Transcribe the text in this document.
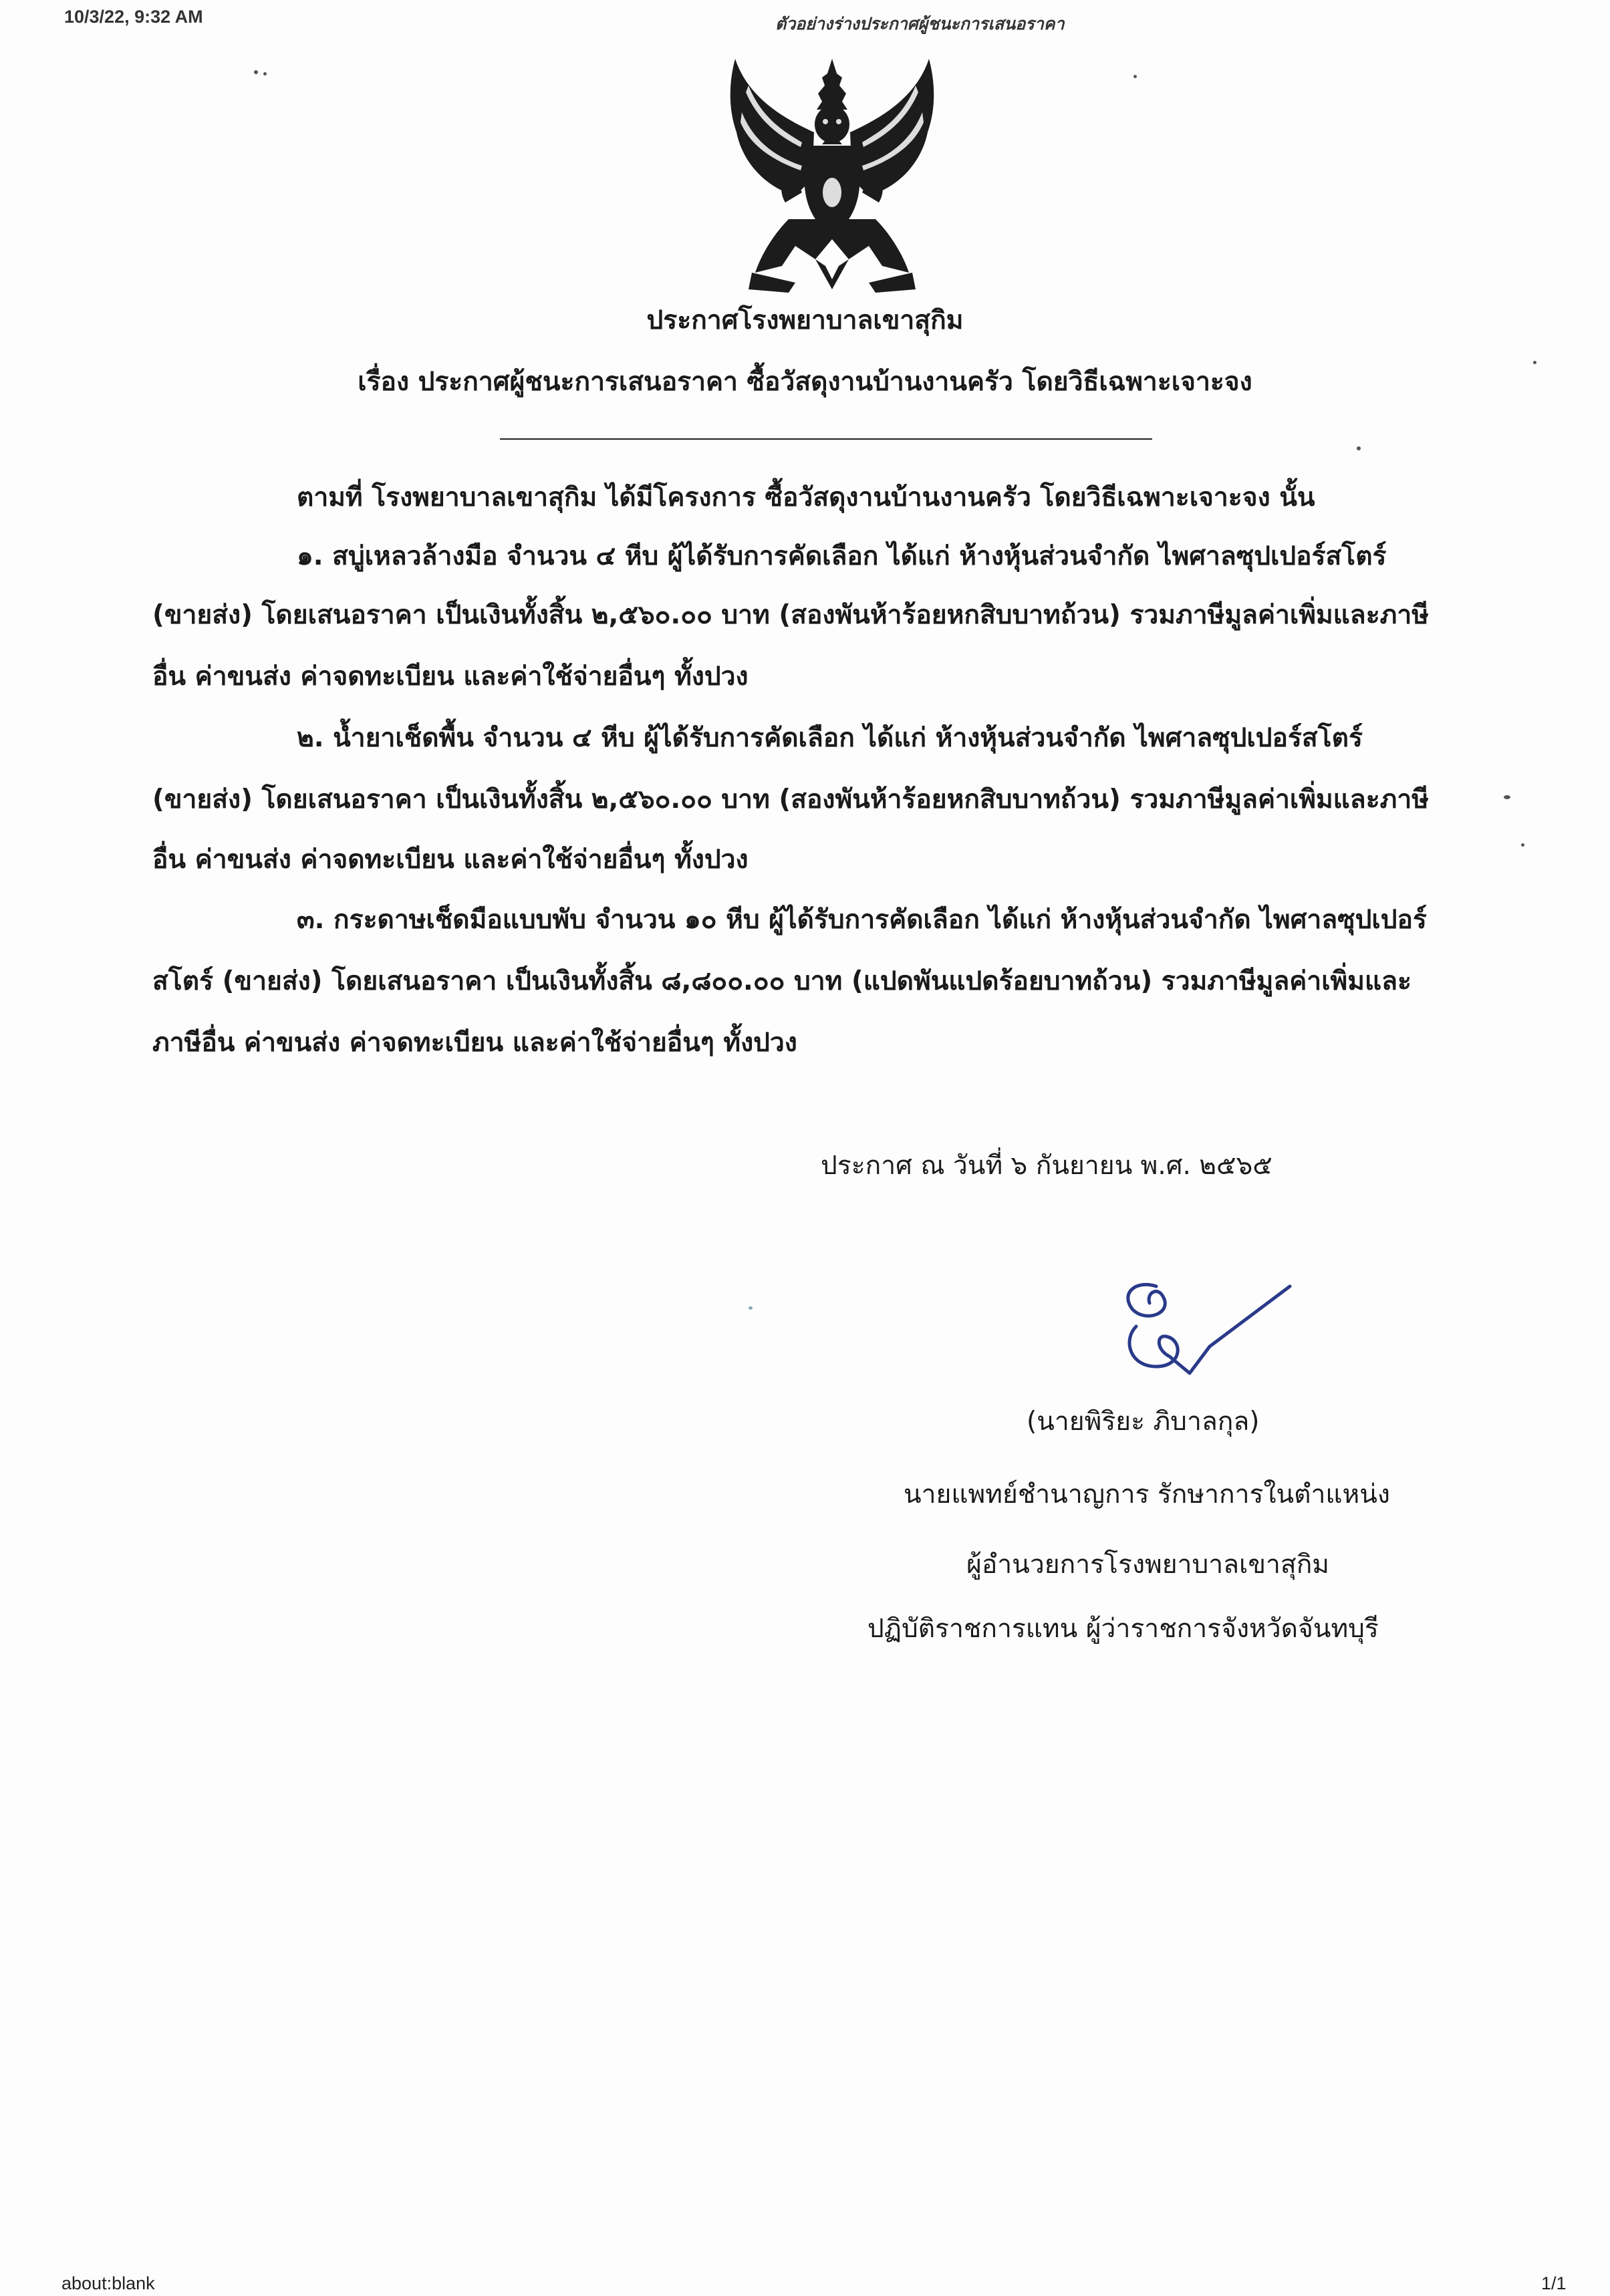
10/3/22, 9:32 AM	ตัวอย่างร่างประกาศผู้ชนะการเสนอราคา
ประกาศโรงพยาบาลเขาสุกิม
เรื่อง ประกาศผู้ชนะการเสนอราคา ซื้อวัสดุงานบ้านงานครัว โดยวิธีเฉพาะเจาะจง
ตามที่ โรงพยาบาลเขาสุกิม ได้มีโครงการ ซื้อวัสดุงานบ้านงานครัว โดยวิธีเฉพาะเจาะจง นั้น
๑. สบู่เหลวล้างมือ จำนวน ๔ หีบ ผู้ได้รับการคัดเลือก ได้แก่ ห้างหุ้นส่วนจำกัด ไพศาลซุปเปอร์สโตร์
(ขายส่ง) โดยเสนอราคา เป็นเงินทั้งสิ้น ๒,๕๖๐.๐๐ บาท (สองพันห้าร้อยหกสิบบาทถ้วน) รวมภาษีมูลค่าเพิ่มและภาษี
อื่น ค่าขนส่ง ค่าจดทะเบียน และค่าใช้จ่ายอื่นๆ ทั้งปวง
๒. น้ำยาเช็ดพื้น จำนวน ๔ หีบ ผู้ได้รับการคัดเลือก ได้แก่ ห้างหุ้นส่วนจำกัด ไพศาลซุปเปอร์สโตร์
(ขายส่ง) โดยเสนอราคา เป็นเงินทั้งสิ้น ๒,๕๖๐.๐๐ บาท (สองพันห้าร้อยหกสิบบาทถ้วน) รวมภาษีมูลค่าเพิ่มและภาษี
อื่น ค่าขนส่ง ค่าจดทะเบียน และค่าใช้จ่ายอื่นๆ ทั้งปวง
๓. กระดาษเช็ดมือแบบพับ จำนวน ๑๐ หีบ ผู้ได้รับการคัดเลือก ได้แก่ ห้างหุ้นส่วนจำกัด ไพศาลซุปเปอร์
สโตร์ (ขายส่ง) โดยเสนอราคา เป็นเงินทั้งสิ้น ๘,๘๐๐.๐๐ บาท (แปดพันแปดร้อยบาทถ้วน) รวมภาษีมูลค่าเพิ่มและ
ภาษีอื่น ค่าขนส่ง ค่าจดทะเบียน และค่าใช้จ่ายอื่นๆ ทั้งปวง
ประกาศ ณ วันที่ ๖ กันยายน พ.ศ. ๒๕๖๕
(นายพิริยะ ภิบาลกุล)
นายแพทย์ชำนาญการ รักษาการในตำแหน่ง
ผู้อำนวยการโรงพยาบาลเขาสุกิม
ปฏิบัติราชการแทน ผู้ว่าราชการจังหวัดจันทบุรี
about:blank	1/1
